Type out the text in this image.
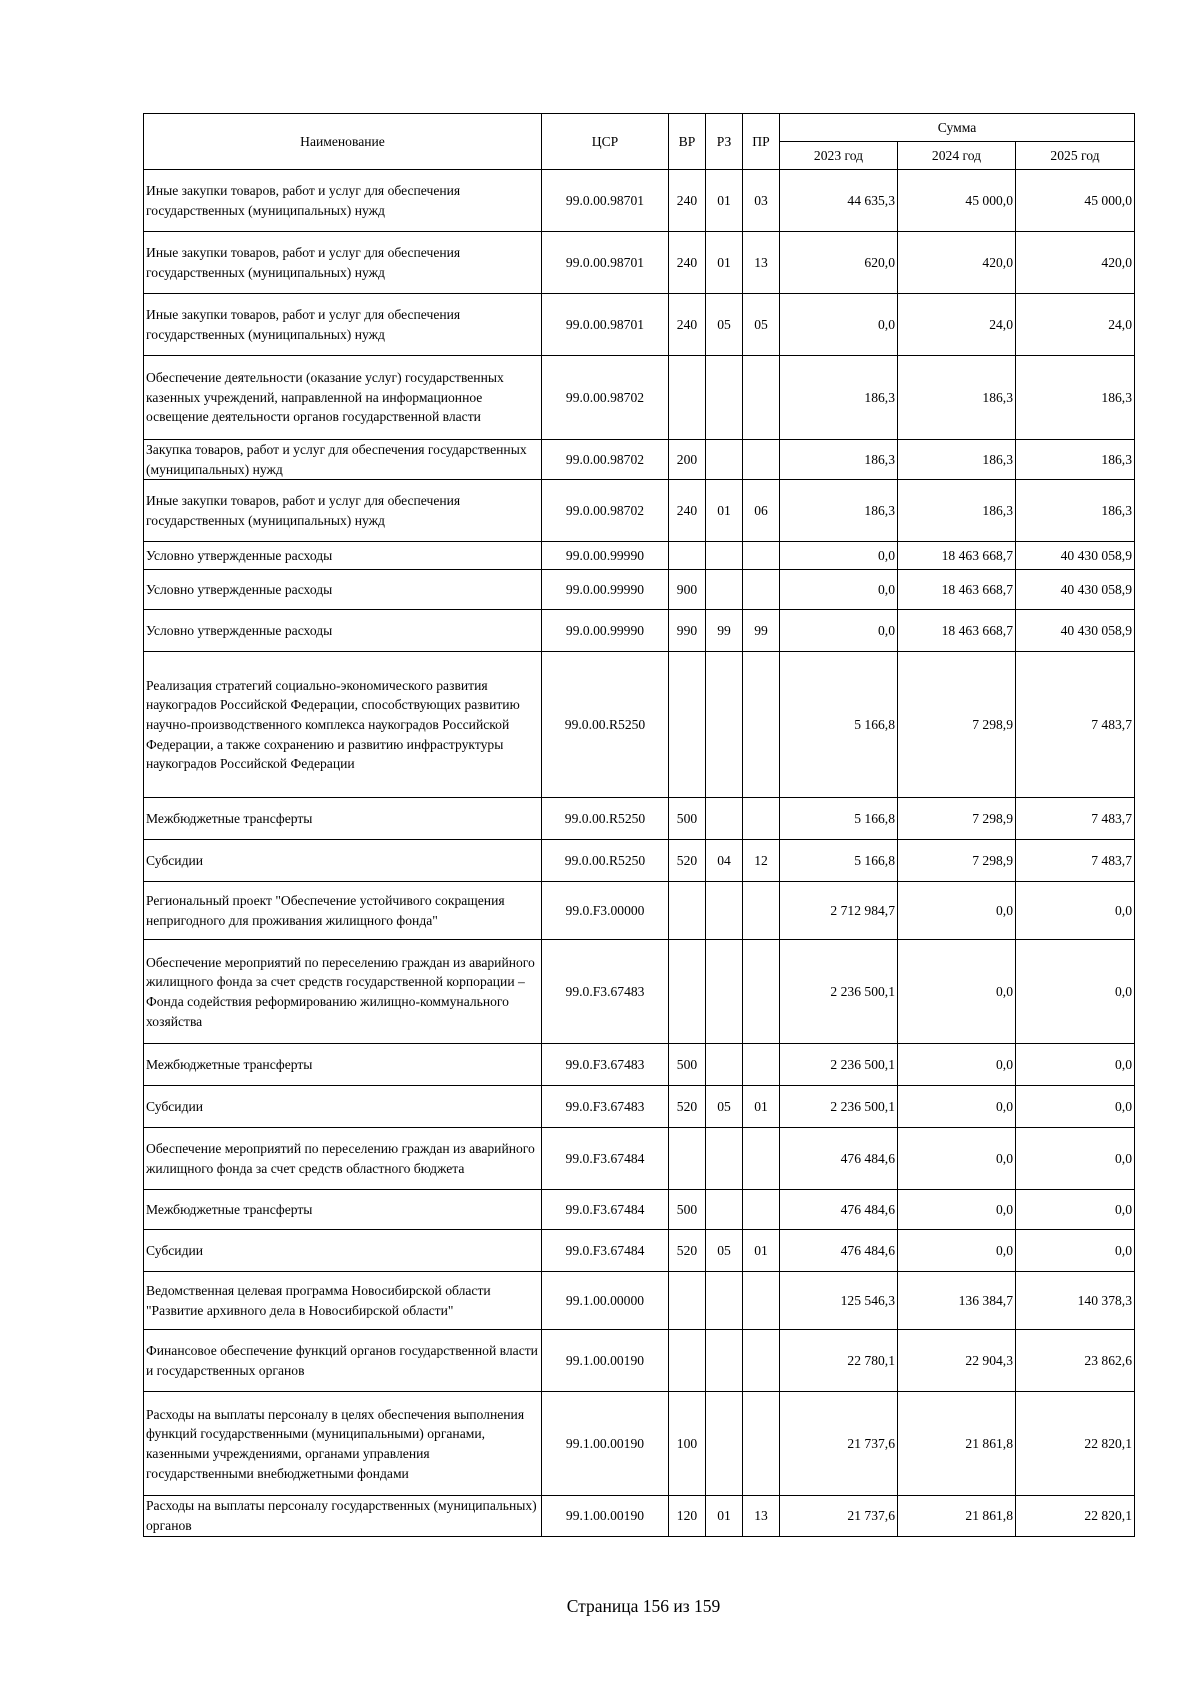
Наименование	ЦСР	ВР	РЗ	ПР	Сумма		
					2023 год	2024 год	2025 год
Иные закупки товаров, работ и услуг для обеспечения государственных (муниципальных) нужд	99.0.00.98701	240	01	03	44 635,3	45 000,0	45 000,0
Иные закупки товаров, работ и услуг для обеспечения государственных (муниципальных) нужд	99.0.00.98701	240	01	13	620,0	420,0	420,0
Иные закупки товаров, работ и услуг для обеспечения государственных (муниципальных) нужд	99.0.00.98701	240	05	05	0,0	24,0	24,0
Обеспечение деятельности (оказание услуг) государственных казенных учреждений, направленной на информационное освещение деятельности органов государственной власти	99.0.00.98702				186,3	186,3	186,3
Закупка товаров, работ и услуг для обеспечения государственных (муниципальных) нужд	99.0.00.98702	200			186,3	186,3	186,3
Иные закупки товаров, работ и услуг для обеспечения государственных (муниципальных) нужд	99.0.00.98702	240	01	06	186,3	186,3	186,3
Условно утвержденные расходы	99.0.00.99990				0,0	18 463 668,7	40 430 058,9
Условно утвержденные расходы	99.0.00.99990	900			0,0	18 463 668,7	40 430 058,9
Условно утвержденные расходы	99.0.00.99990	990	99	99	0,0	18 463 668,7	40 430 058,9
Реализация стратегий социально-экономического развития наукоградов Российской Федерации, способствующих развитию научно-производственного комплекса наукоградов Российской Федерации, а также сохранению и развитию инфраструктуры наукоградов Российской Федерации	99.0.00.R5250				5 166,8	7 298,9	7 483,7
Межбюджетные трансферты	99.0.00.R5250	500			5 166,8	7 298,9	7 483,7
Субсидии	99.0.00.R5250	520	04	12	5 166,8	7 298,9	7 483,7
Региональный проект "Обеспечение устойчивого сокращения непригодного для проживания жилищного фонда"	99.0.F3.00000				2 712 984,7	0,0	0,0
Обеспечение мероприятий по переселению граждан из аварийного жилищного фонда за счет средств государственной корпорации – Фонда содействия реформированию жилищно-коммунального хозяйства	99.0.F3.67483				2 236 500,1	0,0	0,0
Межбюджетные трансферты	99.0.F3.67483	500			2 236 500,1	0,0	0,0
Субсидии	99.0.F3.67483	520	05	01	2 236 500,1	0,0	0,0
Обеспечение мероприятий по переселению граждан из аварийного жилищного фонда за счет средств областного бюджета	99.0.F3.67484				476 484,6	0,0	0,0
Межбюджетные трансферты	99.0.F3.67484	500			476 484,6	0,0	0,0
Субсидии	99.0.F3.67484	520	05	01	476 484,6	0,0	0,0
Ведомственная целевая программа Новосибирской области "Развитие архивного дела в Новосибирской области"	99.1.00.00000				125 546,3	136 384,7	140 378,3
Финансовое обеспечение функций органов государственной власти и государственных органов	99.1.00.00190				22 780,1	22 904,3	23 862,6
Расходы на выплаты персоналу в целях обеспечения выполнения функций государственными (муниципальными) органами, казенными учреждениями, органами управления государственными внебюджетными фондами	99.1.00.00190	100			21 737,6	21 861,8	22 820,1
Расходы на выплаты персоналу государственных (муниципальных) органов	99.1.00.00190	120	01	13	21 737,6	21 861,8	22 820,1
Страница 156 из 159
